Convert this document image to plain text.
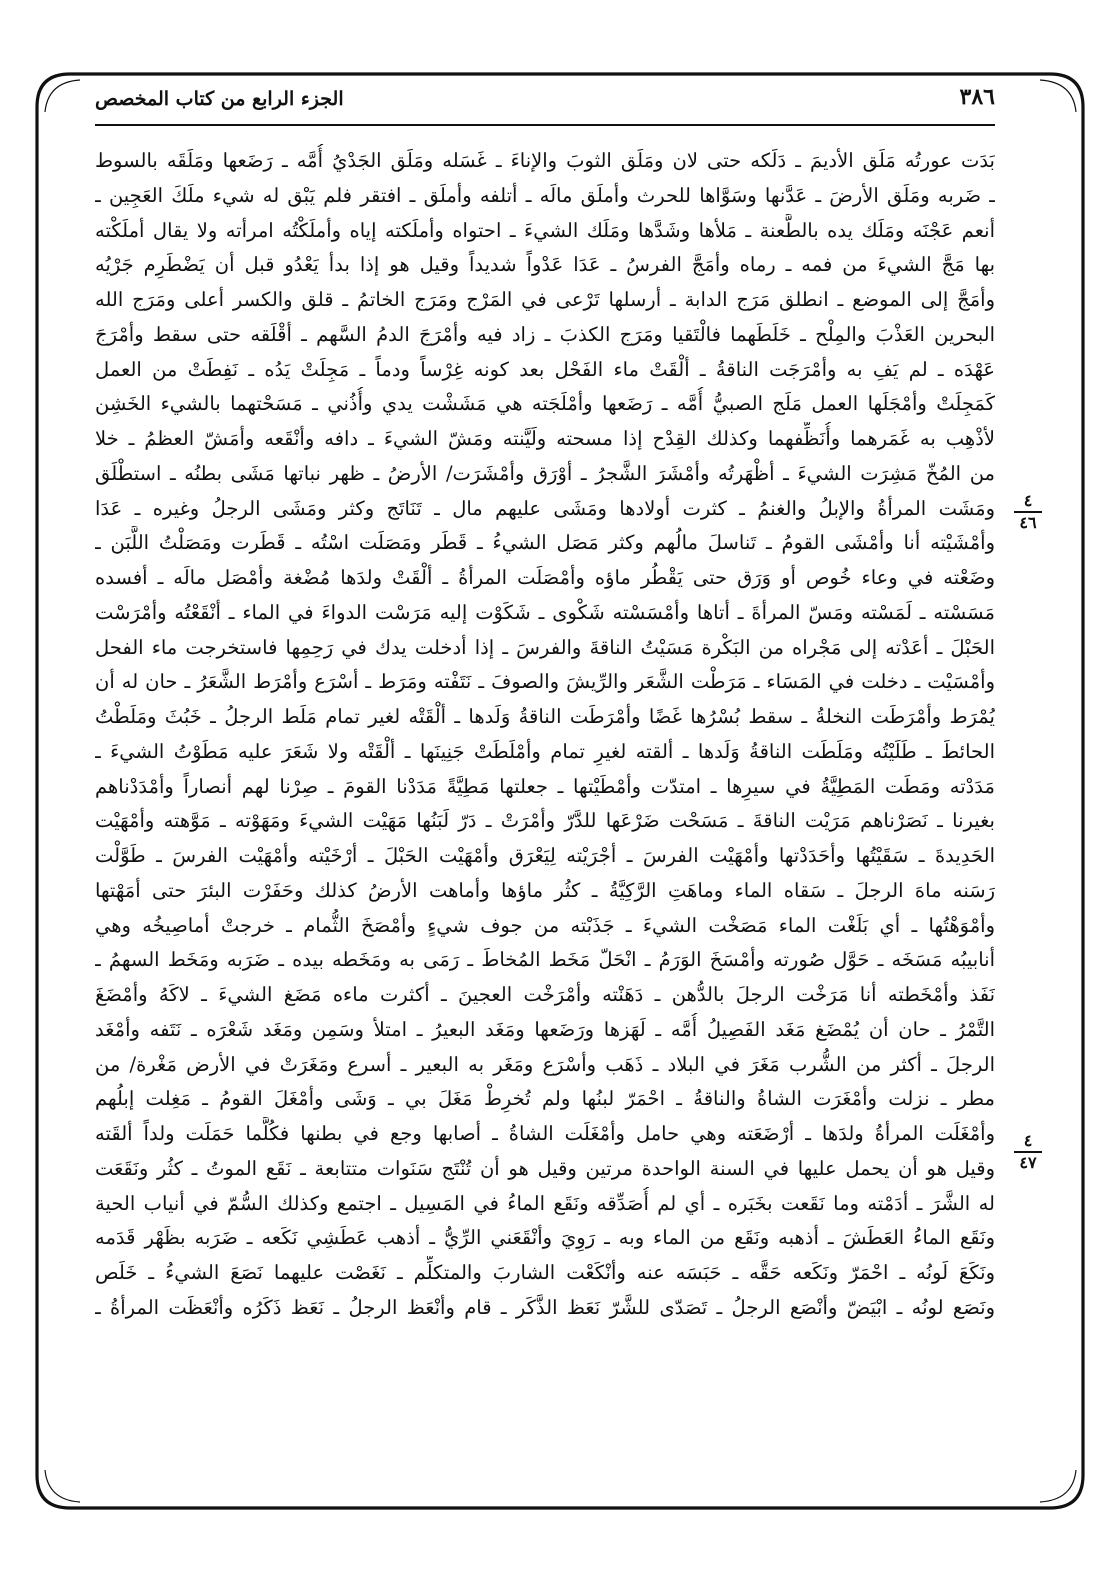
٣٨٦
الجزء الرابع من كتاب المخصص
بَدَت عورتُه مَلَق الأديمَ ـ دَلَكه حتى لان ومَلَق الثوبَ والإناءَ ـ غَسَله ومَلَق الجَدْيُ أُمَّه ـ رَضَعها ومَلَقَه بالسوط
ـ ضَربه ومَلَق الأرضَ ـ عَدَّنها وسَوَّاها للحرث وأملَق مالَه ـ أتلفه وأملَق ـ افتقر فلم يَبْق له شيء ملَكَ العَجِين ـ
أنعم عَجْنَه ومَلَك يده بالطَّعنة ـ مَلأها وشَدَّها ومَلَك الشيءَ ـ احتواه وأملَكته إياه وأملَكْتُه امرأته ولا يقال أملَكْته
بها مَجَّ الشيءَ من فمه ـ رماه وأمَجَّ الفرسُ ـ عَدَا عَدْواً شديداً وقيل هو إذا بدأ يَعْدُو قبل أن يَضْطَرِم جَرْيُه
وأمَجَّ إلى الموضع ـ انطلق مَرَج الدابة ـ أرسلها تَرْعى في المَرْج ومَرَج الخاتمُ ـ قلق والكسر أعلى ومَرَج الله
البحرين العَذْبَ والمِلْح ـ خَلَطَهما فالْتَقيا ومَرَج الكذبَ ـ زاد فيه وأمْرَجَ الدمُ السَّهم ـ أقْلَقه حتى سقط وأمْرَجَ
عَهْدَه ـ لم يَفِ به وأمْرَجَت الناقةُ ـ ألْقَتْ ماء الفَحْل بعد كونه غِرْساً ودماً ـ مَجِلَتْ يَدُه ـ نَفِطَتْ من العمل
كَمَجِلَتْ وأمْجَلَها العمل مَلَج الصبيُّ أُمَّه ـ رَضَعها وأمْلَجَته هي مَشَشْت يدي وأُذُني ـ مَسَحْتهما بالشيء الخَشِن
لأذْهِب به غَمَرهما وأُنَظِّفهما وكذلك القِدْح إذا مسحته ولَيَّنته ومَشّ الشيءَ ـ دافه وأنْقَعه وأمَشّ العظمُ ـ خلا
من المُخّ مَشِرَت الشيءَ ـ أظْهَرتُه وأمْشَرَ الشَّجرُ ـ أوْرَق وأمْشَرَت/ الأرضُ ـ ظهر نباتها مَشَى بطنُه ـ استطْلَق
ومَشَت المرأةُ والإبلُ والغنمُ ـ كثرت أولادها ومَشَى عليهم مال ـ تَنَاتَج وكثر ومَشَى الرجلُ وغيره ـ عَدَا
وأمْشَيْته أنا وأمْشَى القومُ ـ تَناسلَ مالُهم وكثر مَصَل الشيءُ ـ قَطَر ومَصَلَت اسْتُه ـ قَطَرت ومَصَلْتُ اللَّبَن ـ
وضَعْته في وعاء خُوص أو وَرَق حتى يَقْطُر ماؤه وأمْصَلَت المرأةُ ـ ألْقَتْ ولدَها مُضْغة وأمْصَل مالَه ـ أفسده
مَسَسْته ـ لَمَسْته ومَسّ المرأةَ ـ أتاها وأمْسَسْته شَكْوى ـ شَكَوْت إليه مَرَسْت الدواءَ في الماء ـ أنْقَعْتُه وأمْرَسْت
الحَبْلَ ـ أعَدْته إلى مَجْراه من البَكْرة مَسَيْتُ الناقةَ والفرسَ ـ إذا أدخلت يدك في رَحِمِها فاستخرجت ماء الفحل
وأمْسَيْت ـ دخلت في المَسَاء ـ مَرَطْت الشَّعَر والرِّيشَ والصوفَ ـ نَتَفْته ومَرَط ـ أسْرَع وأمْرَط الشَّعَرُ ـ حان له أن
يُمْرَط وأمْرَطَت النخلةُ ـ سقط بُسْرُها غَضًا وأمْرَطَت الناقةُ وَلَدها ـ ألْقَتْه لغير تمام مَلَط الرجلُ ـ خَبُثَ ومَلَطْتُ
الحائطَ ـ طَلَيْتُه ومَلَطَت الناقةُ وَلَدها ـ ألقته لغيرِ تمام وأمْلَطَتْ جَنِينَها ـ ألْقَتْه ولا شَعَرَ عليه مَطَوْتُ الشيءَ ـ
مَدَدْته ومَطَت المَطِيَّةُ في سيرِها ـ امتدّت وأمْطَيْتها ـ جعلتها مَطِيَّةً مَدَدْنا القومَ ـ صِرْنا لهم أنصاراً وأمْدَدْناهم
بغيرنا ـ نَصَرْناهم مَرَيْت الناقةَ ـ مَسَحْت ضَرْعَها للدَّرّ وأمْرَتْ ـ دَرّ لَبَنُها مَهَيْت الشيءَ ومَهَوْته ـ مَوَّهته وأمْهَيْت
الحَدِيدةَ ـ سَقَيْتُها وأحَدَدْتها وأمْهَيْت الفرسَ ـ أجْرَيْته لِيَعْرَق وأمْهَيْت الحَبْلَ ـ أرْخَيْته وأمْهَيْت الفرسَ ـ طَوَّلْت
رَسَنه ماهَ الرجلَ ـ سَقاه الماء وماهَتِ الرَّكِيَّةُ ـ كثُر ماؤها وأماهت الأرضُ كذلك وحَفَرْت البئرَ حتى أمَهْتها
وأمْوَهْتُها ـ أي بَلَغْت الماء مَصَخْت الشيءَ ـ جَذَبْته من جوف شيءٍ وأمْصَخَ الثُّمام ـ خرجتْ أماصِيخُه وهي
أنابيبُه مَسَخَه ـ حَوَّل صُورته وأمْسَخَ الوَرَمُ ـ انْحَلّ مَخَط المُخاطَ ـ رَمَى به ومَخَطه بيده ـ ضَرَبه ومَخَط السهمُ ـ
نَفَذ وأمْخَطته أنا مَرَخْت الرجلَ بالدُّهن ـ دَهَنْته وأمْرَخْت العجينَ ـ أكثرت ماءه مَضَغ الشيءَ ـ لاكَهُ وأمْضَغَ
التَّمْرُ ـ حان أن يُمْضَغ مَغَد الفَصِيلُ أُمَّه ـ لَهَزها ورَضَعها ومَغَد البعيرُ ـ امتلأ وسَمِن ومَغَد شَعْرَه ـ نَتَفه وأمْغَد
الرجلَ ـ أكثر من الشُّرب مَغَرَ في البلاد ـ ذَهَب وأسْرَع ومَغَر به البعير ـ أسرع ومَغَرَتْ في الأرض مَغْرة/ من
مطر ـ نزلت وأمْغَرَت الشاةُ والناقةُ ـ احْمَرّ لبنُها ولم تُخرِطْ مَغَلَ بي ـ وَشَى وأمْغَلَ القومُ ـ مَغِلت إبلُهم
وأمْغَلَت المرأةُ ولدَها ـ أرْضَعَته وهي حامل وأمْغَلَت الشاةُ ـ أصابها وجع في بطنها فكُلَّما حَمَلَت ولداً ألقَته
وقيل هو أن يحمل عليها في السنة الواحدة مرتين وقيل هو أن تُنْتَج سَنَوات متتابعة ـ نَقَع الموتُ ـ كثُر ونَقَعَت
له الشَّرَ ـ أدَمْته وما نَقَعت بخَبَره ـ أي لم أُصَدِّقه ونَقَع الماءُ في المَسِيل ـ اجتمع وكذلك السُّمّ في أنياب الحية
ونَقَع الماءُ العَطَشَ ـ أذهبه ونَقَع من الماء وبه ـ رَوِيَ وأنْقَعَني الرِّيُّ ـ أذهب عَطَشِي نَكَعه ـ ضَرَبه بظَهْر قَدَمه
ونَكَعَ لَونُه ـ احْمَرّ ونَكَعه حَقَّه ـ حَبَسَه عنه وأنْكَعْت الشاربَ والمتكلِّم ـ نَغَصْت عليهما نَصَعَ الشيءُ ـ خَلَص
ونَصَع لونُه ـ ابْيَضّ وأنْصَع الرجلُ ـ تَصَدّى للشَّرّ نَعَظ الذَّكَر ـ قام وأنْعَظ الرجلُ ـ نَعَظ ذَكَرُه وأنْعَظَت المرأةُ ـ
٤
٤٦
٤
٤٧
